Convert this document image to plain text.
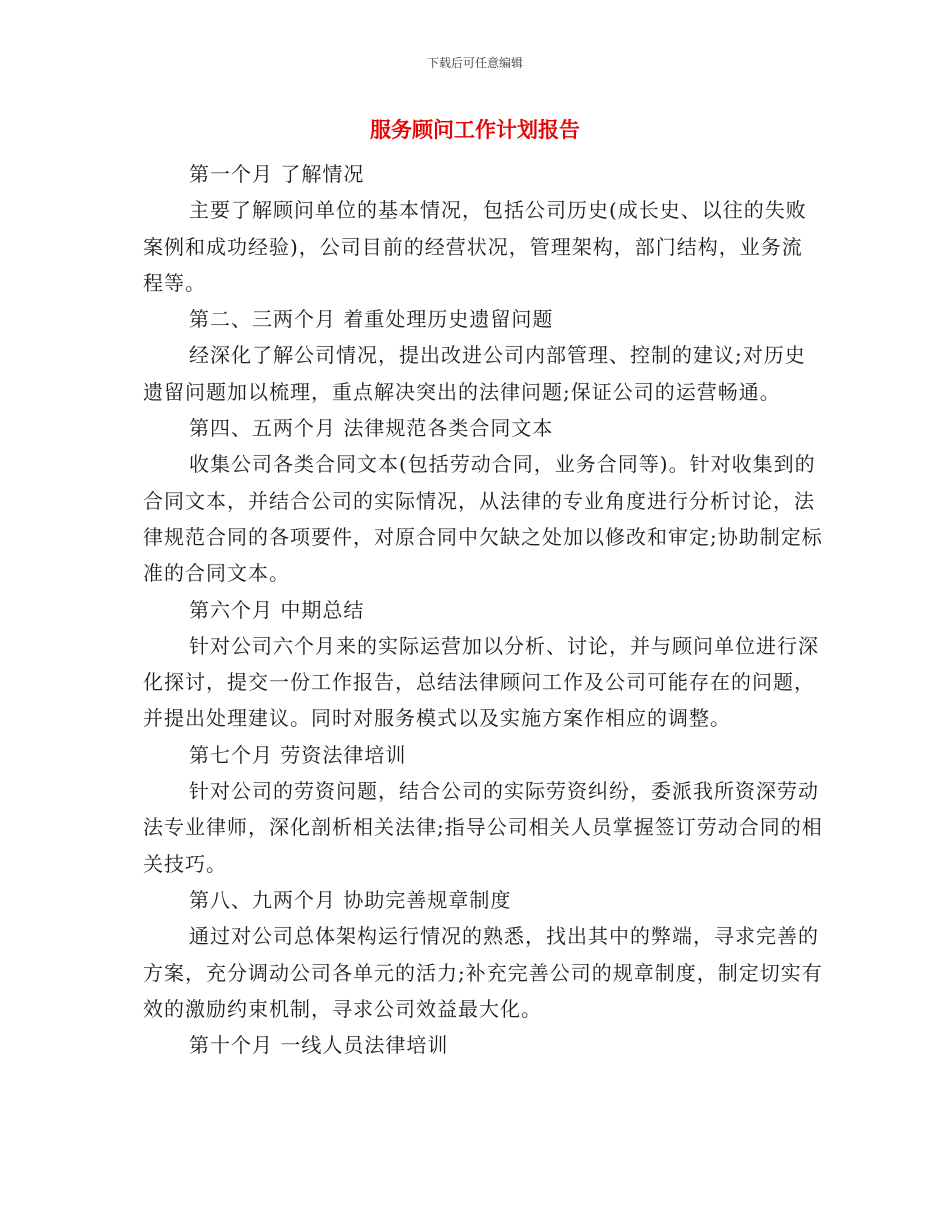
下载后可任意编辑
服务顾问工作计划报告

第一个月 了解情况

主要了解顾问单位的基本情况，包括公司历史(成长史、以往的失败案例和成功经验)，公司目前的经营状况，管理架构，部门结构，业务流程等。

第二、三两个月 着重处理历史遗留问题

经深化了解公司情况，提出改进公司内部管理、控制的建议;对历史遗留问题加以梳理，重点解决突出的法律问题;保证公司的运营畅通。

第四、五两个月 法律规范各类合同文本

收集公司各类合同文本(包括劳动合同，业务合同等)。针对收集到的合同文本，并结合公司的实际情况，从法律的专业角度进行分析讨论，法律规范合同的各项要件，对原合同中欠缺之处加以修改和审定;协助制定标准的合同文本。

第六个月 中期总结

针对公司六个月来的实际运营加以分析、讨论，并与顾问单位进行深化探讨，提交一份工作报告，总结法律顾问工作及公司可能存在的问题，并提出处理建议。同时对服务模式以及实施方案作相应的调整。

第七个月 劳资法律培训

针对公司的劳资问题，结合公司的实际劳资纠纷，委派我所资深劳动法专业律师，深化剖析相关法律;指导公司相关人员掌握签订劳动合同的相关技巧。

第八、九两个月 协助完善规章制度

通过对公司总体架构运行情况的熟悉，找出其中的弊端，寻求完善的方案，充分调动公司各单元的活力;补充完善公司的规章制度，制定切实有效的激励约束机制，寻求公司效益最大化。

第十个月 一线人员法律培训
